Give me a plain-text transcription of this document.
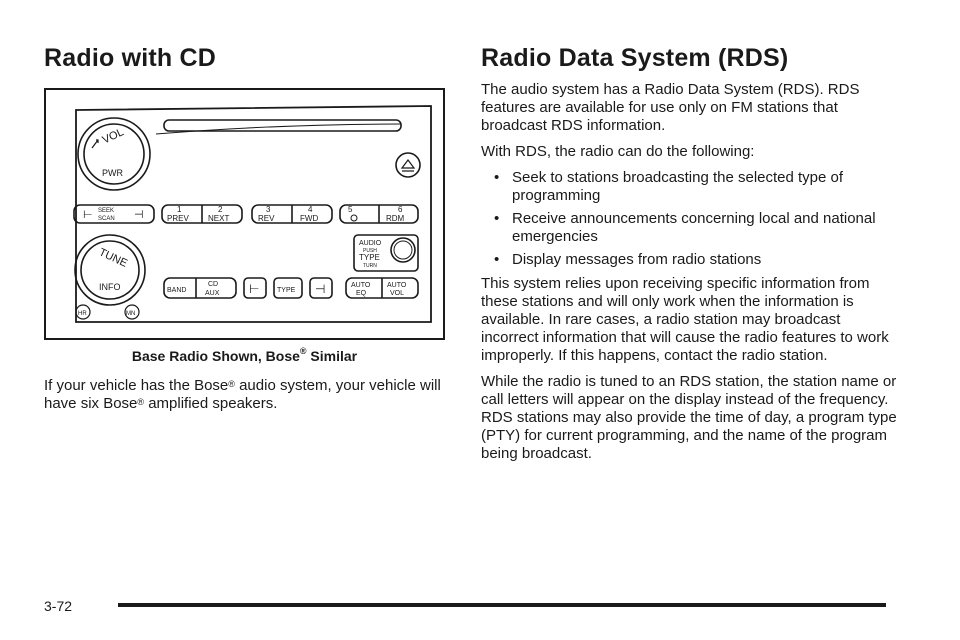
Radio with CD
VOL
PWR
⊢ SEEK
SCAN ⊣	1
PREV
2
NEXT
3
REV
4
FWD
5	6
RDM
TUNE
INFO
HR	MN
AUDIO
PUSH
TYPE
TURN
BAND
CD
AUX ⊢	TYPE ⊣	AUTO
EQ
AUTO
VOL
Base Radio Shown, Bose® Similar
If your vehicle has the Bose® audio system, your vehicle will have six Bose® amplified speakers.
Radio Data System (RDS)

The audio system has a Radio Data System (RDS). RDS features are available for use only on FM stations that broadcast RDS information.

With RDS, the radio can do the following:

• Seek to stations broadcasting the selected type of programming
• Receive announcements concerning local and national emergencies
• Display messages from radio stations

This system relies upon receiving specific information from these stations and will only work when the information is available. In rare cases, a radio station may broadcast incorrect information that will cause the radio features to work improperly. If this happens, contact the radio station.

While the radio is tuned to an RDS station, the station name or call letters will appear on the display instead of the frequency. RDS stations may also provide the time of day, a program type (PTY) for current programming, and the name of the program being broadcast.

3-72
